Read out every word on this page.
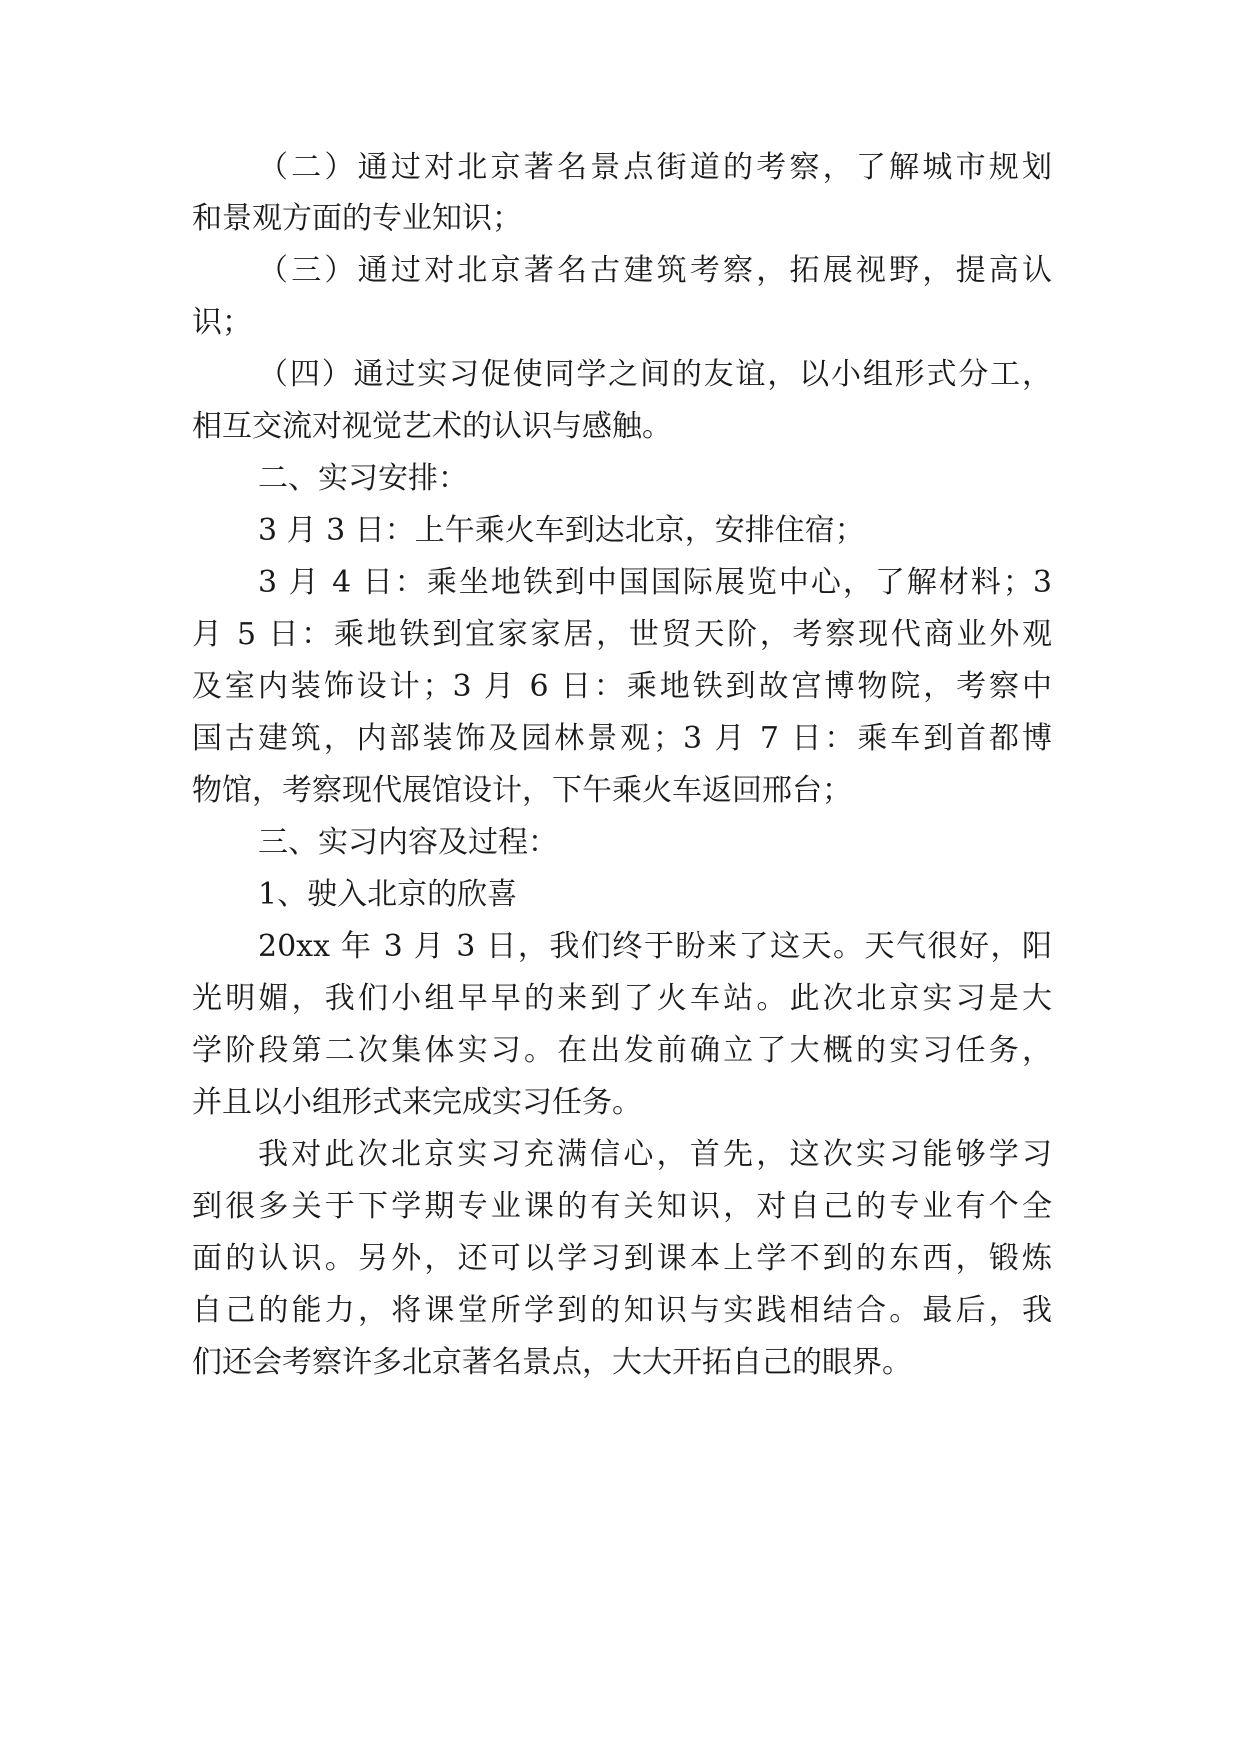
（二）通过对北京著名景点街道的考察，了解城市规划
和景观方面的专业知识；
（三）通过对北京著名古建筑考察，拓展视野，提高认
识；
（四）通过实习促使同学之间的友谊，以小组形式分工，
相互交流对视觉艺术的认识与感触。
二、实习安排：
3 月 3 日：上午乘火车到达北京，安排住宿；
3 月 4 日：乘坐地铁到中国国际展览中心，了解材料；3
月 5 日：乘地铁到宜家家居，世贸天阶，考察现代商业外观
及室内装饰设计；3 月 6 日：乘地铁到故宫博物院，考察中
国古建筑，内部装饰及园林景观；3 月 7 日：乘车到首都博
物馆，考察现代展馆设计，下午乘火车返回邢台；
三、实习内容及过程：
1、驶入北京的欣喜
20xx 年 3 月 3 日，我们终于盼来了这天。天气很好，阳
光明媚，我们小组早早的来到了火车站。此次北京实习是大
学阶段第二次集体实习。在出发前确立了大概的实习任务，
并且以小组形式来完成实习任务。
我对此次北京实习充满信心，首先，这次实习能够学习
到很多关于下学期专业课的有关知识，对自己的专业有个全
面的认识。另外，还可以学习到课本上学不到的东西，锻炼
自己的能力，将课堂所学到的知识与实践相结合。最后，我
们还会考察许多北京著名景点，大大开拓自己的眼界。
